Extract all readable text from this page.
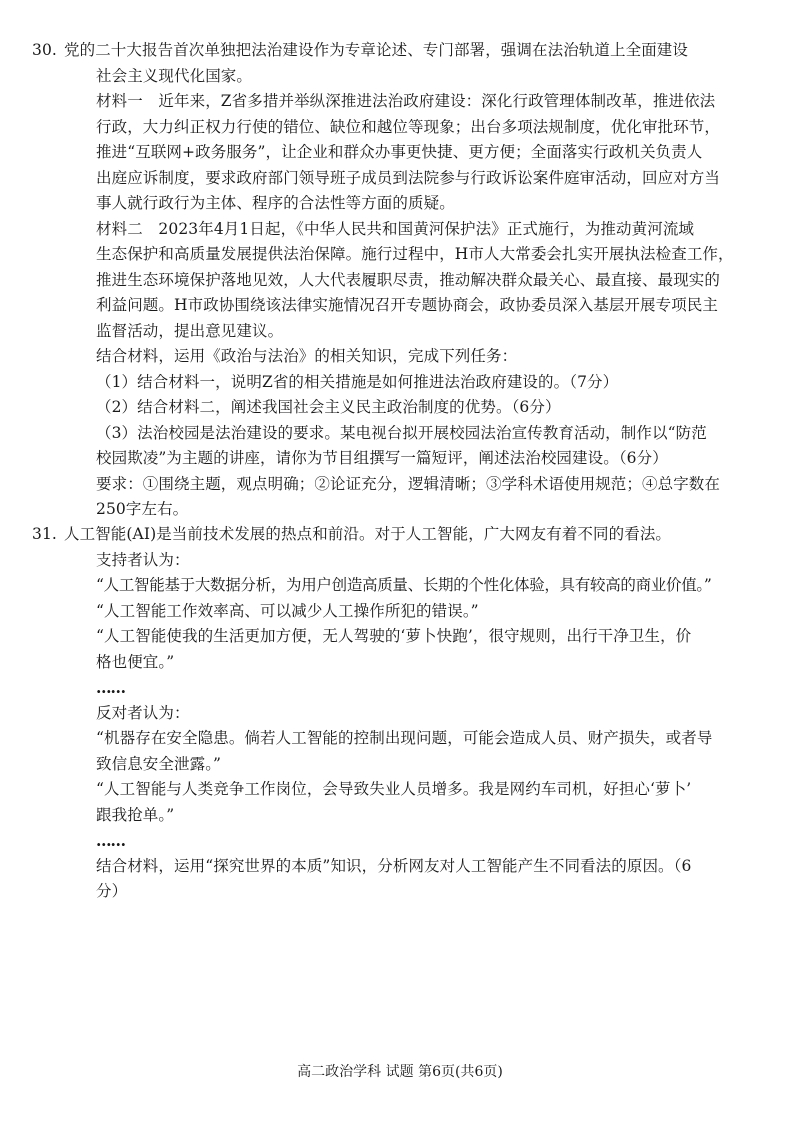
30. 党的二十大报告首次单独把法治建设作为专章论述、专门部署，强调在法治轨道上全面建设
社会主义现代化国家。
材料一　近年来，Z省多措并举纵深推进法治政府建设：深化行政管理体制改革，推进依法
行政，大力纠正权力行使的错位、缺位和越位等现象；出台多项法规制度，优化审批环节，
推进“互联网+政务服务”，让企业和群众办事更快捷、更方便；全面落实行政机关负责人
出庭应诉制度，要求政府部门领导班子成员到法院参与行政诉讼案件庭审活动，回应对方当
事人就行政行为主体、程序的合法性等方面的质疑。
材料二　2023年4月1日起，《中华人民共和国黄河保护法》正式施行，为推动黄河流域
生态保护和高质量发展提供法治保障。施行过程中，H市人大常委会扎实开展执法检查工作，
推进生态环境保护落地见效，人大代表履职尽责，推动解决群众最关心、最直接、最现实的
利益问题。H市政协围绕该法律实施情况召开专题协商会，政协委员深入基层开展专项民主
监督活动，提出意见建议。
结合材料，运用《政治与法治》的相关知识，完成下列任务：
（1）结合材料一，说明Z省的相关措施是如何推进法治政府建设的。（7分）
（2）结合材料二，阐述我国社会主义民主政治制度的优势。（6分）
（3）法治校园是法治建设的要求。某电视台拟开展校园法治宣传教育活动，制作以“防范
校园欺凌”为主题的讲座，请你为节目组撰写一篇短评，阐述法治校园建设。（6分）
要求：①围绕主题，观点明确；②论证充分，逻辑清晰；③学科术语使用规范；④总字数在
250字左右。
31. 人工智能(AI)是当前技术发展的热点和前沿。对于人工智能，广大网友有着不同的看法。
支持者认为：
“人工智能基于大数据分析，为用户创造高质量、长期的个性化体验，具有较高的商业价值。”
“人工智能工作效率高、可以减少人工操作所犯的错误。”
“人工智能使我的生活更加方便，无人驾驶的‘萝卜快跑’，很守规则，出行干净卫生，价
格也便宜。”
……
反对者认为：
“机器存在安全隐患。倘若人工智能的控制出现问题，可能会造成人员、财产损失，或者导
致信息安全泄露。”
“人工智能与人类竞争工作岗位，会导致失业人员增多。我是网约车司机，好担心‘萝卜’
跟我抢单。”
……
结合材料，运用“探究世界的本质”知识，分析网友对人工智能产生不同看法的原因。（6
分）
高二政治学科 试题 第6页(共6页)
